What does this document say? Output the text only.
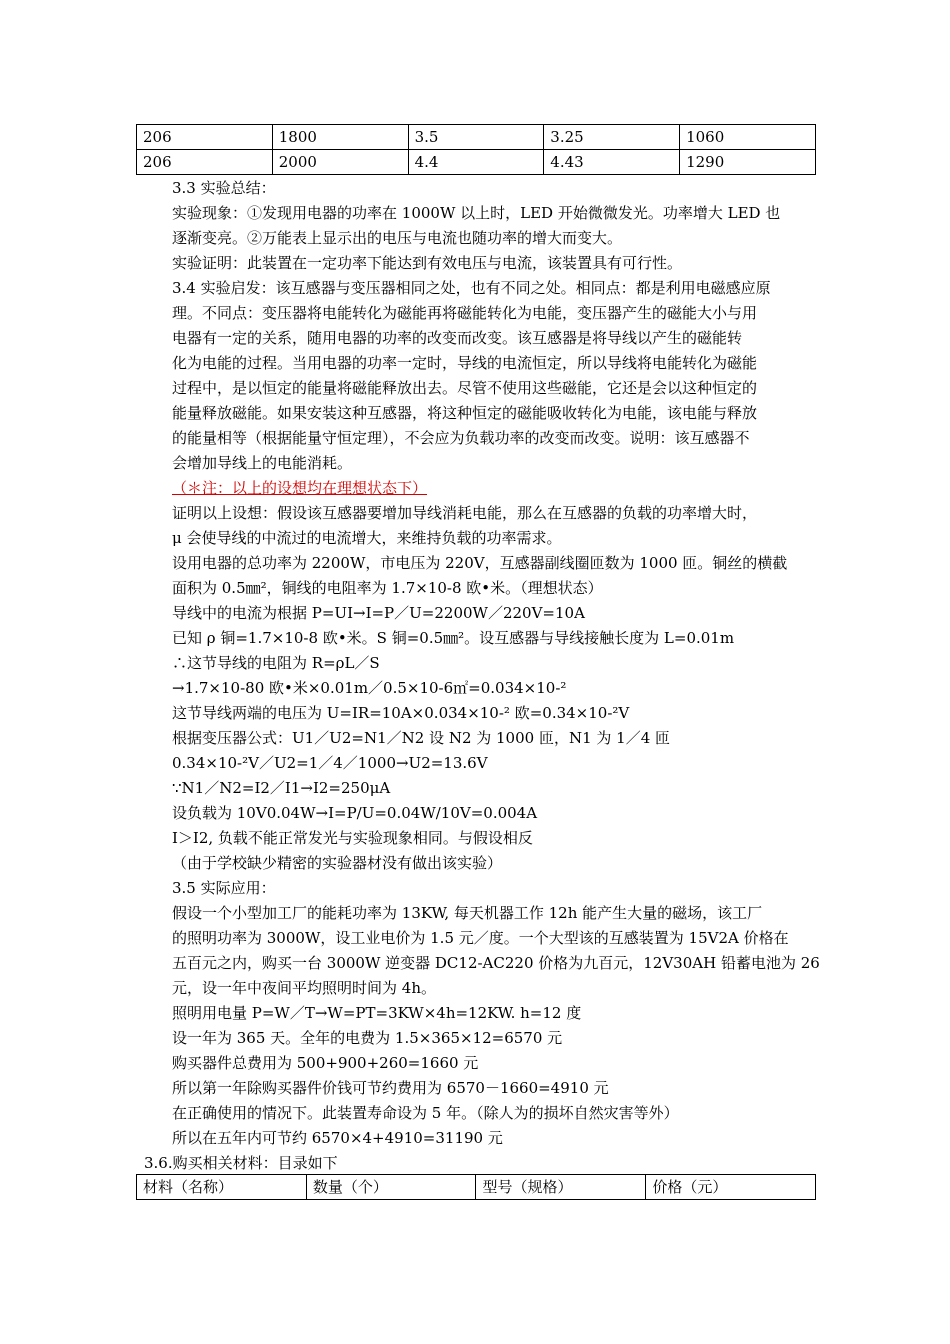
206	1800	3.5	3.25	1060
206	2000	4.4	4.43	1290
3.3 实验总结：
实验现象：①发现用电器的功率在 1000W 以上时，LED 开始微微发光。功率增大 LED 也
逐渐变亮。②万能表上显示出的电压与电流也随功率的增大而变大。
实验证明：此装置在一定功率下能达到有效电压与电流，该装置具有可行性。
3.4 实验启发：该互感器与变压器相同之处，也有不同之处。相同点：都是利用电磁感应原
理。不同点：变压器将电能转化为磁能再将磁能转化为电能，变压器产生的磁能大小与用
电器有一定的关系，随用电器的功率的改变而改变。该互感器是将导线以产生的磁能转
化为电能的过程。当用电器的功率一定时，导线的电流恒定，所以导线将电能转化为磁能
过程中，是以恒定的能量将磁能释放出去。尽管不使用这些磁能，它还是会以这种恒定的
能量释放磁能。如果安装这种互感器，将这种恒定的磁能吸收转化为电能，该电能与释放
的能量相等（根据能量守恒定理），不会应为负载功率的改变而改变。说明：该互感器不
会增加导线上的电能消耗。
（＊注：以上的设想均在理想状态下）
证明以上设想：假设该互感器要增加导线消耗电能，那么在互感器的负载的功率增大时，
μ 会使导线的中流过的电流增大，来维持负载的功率需求。
设用电器的总功率为 2200W，市电压为 220V，互感器副线圈匝数为 1000 匝。铜丝的横截
面积为 0.5㎜²，铜线的电阻率为 1.7×10-8 欧•米。（理想状态）
导线中的电流为根据 P=UI→I=P／U=2200W／220V=10A
已知 ρ 铜=1.7×10-8 欧•米。S 铜=0.5㎜²。设互感器与导线接触长度为 L=0.01m
∴这节导线的电阻为 R=ρL／S
→1.7×10-80 欧•米×0.01m／0.5×10-6㎡=0.034×10-²
这节导线两端的电压为 U=IR=10A×0.034×10-² 欧=0.34×10-²V
根据变压器公式：U1／U2=N1／N2 设 N2 为 1000 匝，N1 为 1／4 匝
0.34×10-²V／U2=1／4／1000→U2=13.6V
∵N1／N2=I2／I1→I2=250μA
设负载为 10V0.04W→I=P/U=0.04W/10V=0.004A
I＞I2, 负载不能正常发光与实验现象相同。与假设相反
（由于学校缺少精密的实验器材没有做出该实验）
3.5 实际应用：
假设一个小型加工厂的能耗功率为 13KW, 每天机器工作 12h 能产生大量的磁场，该工厂
的照明功率为 3000W，设工业电价为 1.5 元／度。一个大型该的互感装置为 15V2A 价格在
五百元之内，购买一台 3000W 逆变器 DC12-AC220 价格为九百元，12V30AH 铅蓄电池为 26
元，设一年中夜间平均照明时间为 4h。
照明用电量 P=W／T→W=PT=3KW×4h=12KW. h=12 度
设一年为 365 天。全年的电费为 1.5×365×12=6570 元
购买器件总费用为 500+900+260=1660 元
所以第一年除购买器件价钱可节约费用为 6570－1660=4910 元
在正确使用的情况下。此装置寿命设为 5 年。（除人为的损坏自然灾害等外）
所以在五年内可节约 6570×4+4910=31190 元
3.6.购买相关材料：目录如下
材料（名称）	数量（个）	型号（规格）	价格（元）
